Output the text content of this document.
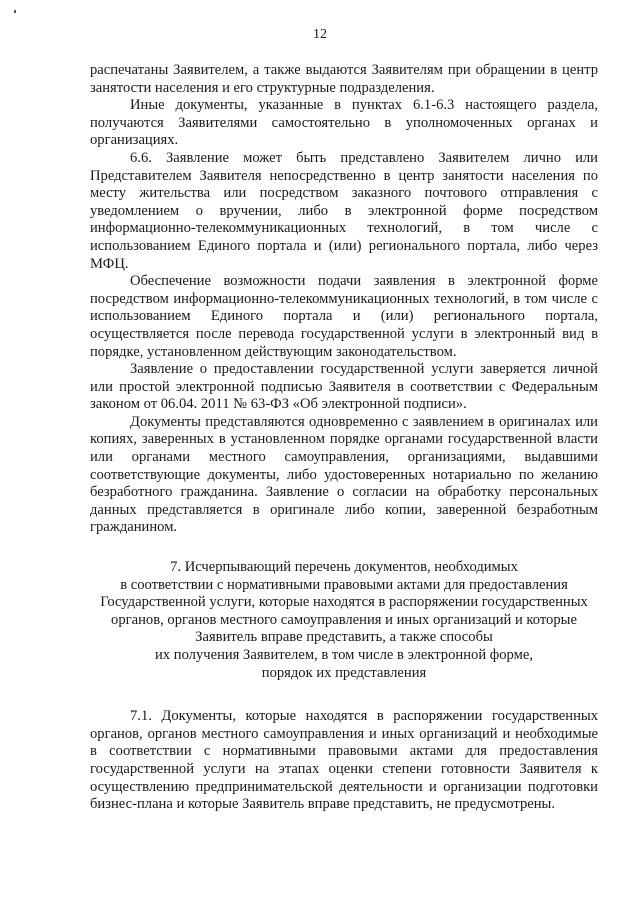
12

распечатаны Заявителем, а также выдаются Заявителям при обращении в центр занятости населения и его структурные подразделения.

Иные документы, указанные в пунктах 6.1-6.3 настоящего раздела, получаются Заявителями самостоятельно в уполномоченных органах и организациях.

6.6. Заявление может быть представлено Заявителем лично или Представителем Заявителя непосредственно в центр занятости населения по месту жительства или посредством заказного почтового отправления с уведомлением о вручении, либо в электронной форме посредством информационно-телекоммуникационных технологий, в том числе с использованием Единого портала и (или) регионального портала, либо через МФЦ.

Обеспечение возможности подачи заявления в электронной форме посредством информационно-телекоммуникационных технологий, в том числе с использованием Единого портала и (или) регионального портала, осуществляется после перевода государственной услуги в электронный вид в порядке, установленном действующим законодательством.

Заявление о предоставлении государственной услуги заверяется личной или простой электронной подписью Заявителя в соответствии с Федеральным законом от 06.04. 2011 № 63-ФЗ «Об электронной подписи».

Документы представляются одновременно с заявлением в оригиналах или копиях, заверенных в установленном порядке органами государственной власти или органами местного самоуправления, организациями, выдавшими соответствующие документы, либо удостоверенных нотариально по желанию безработного гражданина. Заявление о согласии на обработку персональных данных представляется в оригинале либо копии, заверенной безработным гражданином.

7. Исчерпывающий перечень документов, необходимых
в соответствии с нормативными правовыми актами для предоставления
Государственной услуги, которые находятся в распоряжении государственных
органов, органов местного самоуправления и иных организаций и которые
Заявитель вправе представить, а также способы
их получения Заявителем, в том числе в электронной форме,
порядок их представления

7.1. Документы, которые находятся в распоряжении государственных органов, органов местного самоуправления и иных организаций и необходимые в соответствии с нормативными правовыми актами для предоставления государственной услуги на этапах оценки степени готовности Заявителя к осуществлению предпринимательской деятельности и организации подготовки бизнес-плана и которые Заявитель вправе представить, не предусмотрены.
